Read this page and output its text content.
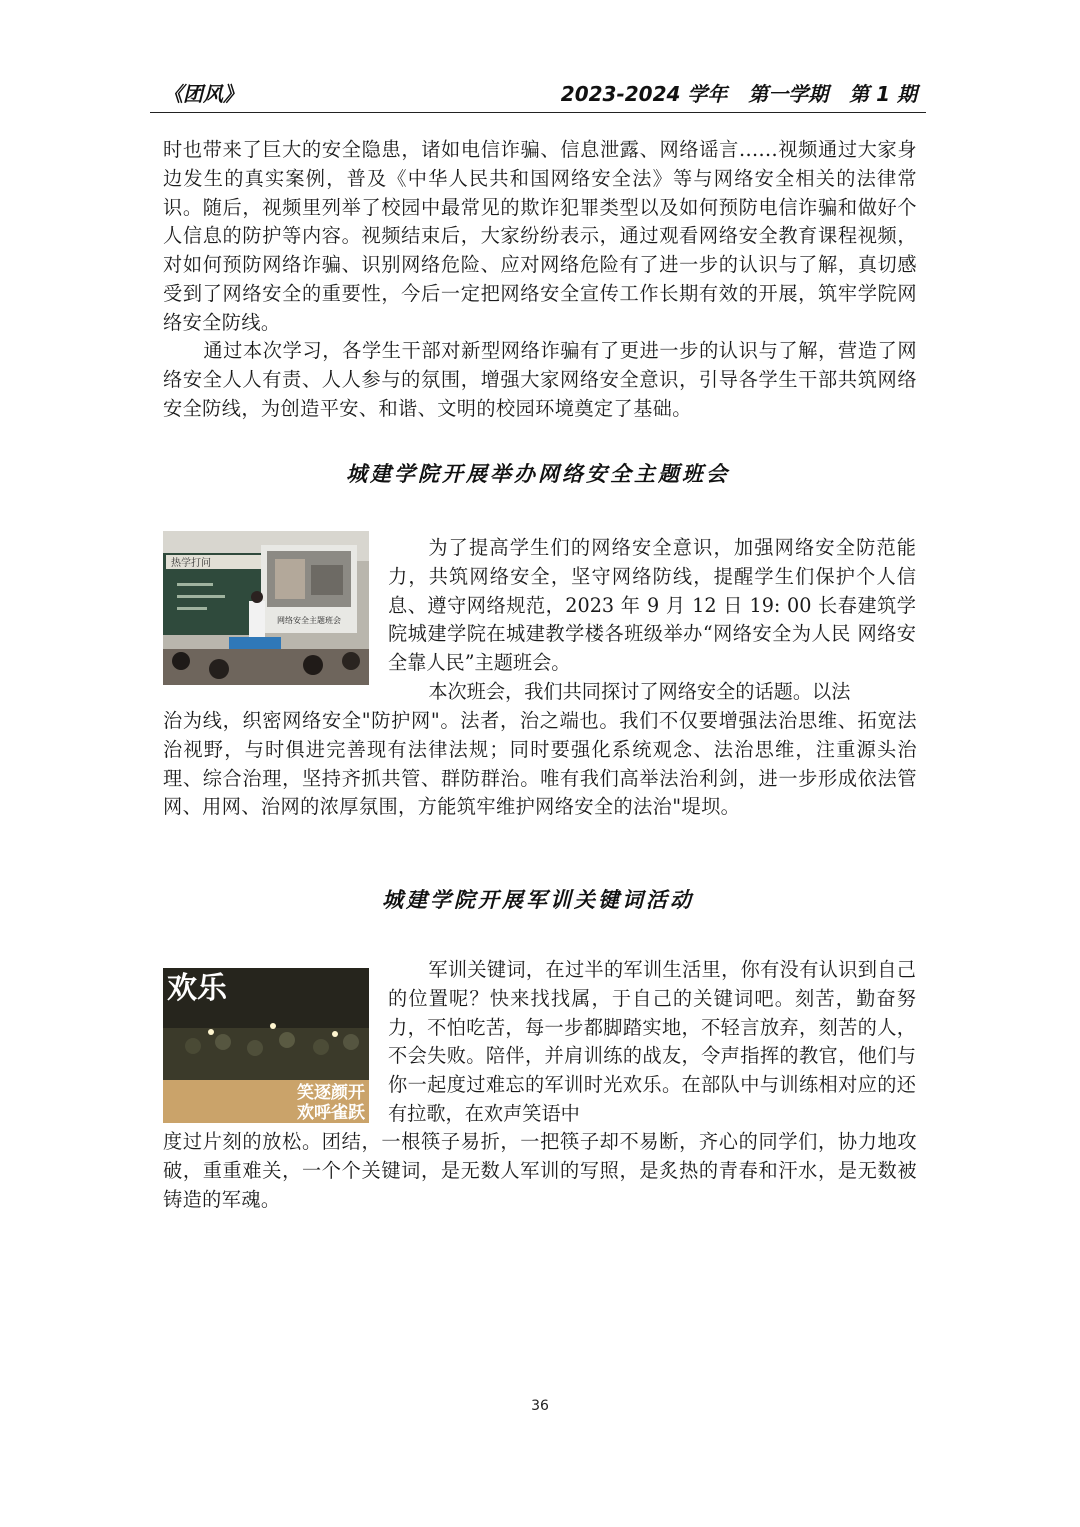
《团风》	2023-2024 学年   第一学期   第 1 期

时也带来了巨大的安全隐患，诸如电信诈骗、信息泄露、网络谣言......视频通过大家身边发生的真实案例，普及《中华人民共和国网络安全法》等与网络安全相关的法律常识。随后，视频里列举了校园中最常见的欺诈犯罪类型以及如何预防电信诈骗和做好个人信息的防护等内容。视频结束后，大家纷纷表示，通过观看网络安全教育课程视频，对如何预防网络诈骗、识别网络危险、应对网络危险有了进一步的认识与了解，真切感受到了网络安全的重要性，今后一定把网络安全宣传工作长期有效的开展，筑牢学院网络安全防线。

通过本次学习，各学生干部对新型网络诈骗有了更进一步的认识与了解，营造了网络安全人人有责、人人参与的氛围，增强大家网络安全意识，引导各学生干部共筑网络安全防线，为创造平安、和谐、文明的校园环境奠定了基础。

城建学院开展举办网络安全主题班会
热学打问
网络安全主题班会

为了提高学生们的网络安全意识，加强网络安全防范能力，共筑网络安全，坚守网络防线，提醒学生们保护个人信息、遵守网络规范，2023 年 9 月 12 日 19: 00 长春建筑学院城建学院在城建教学楼各班级举办“网络安全为人民 网络安全靠人民”主题班会。

本次班会，我们共同探讨了网络安全的话题。以法

治为线，织密网络安全"防护网"。法者，治之端也。我们不仅要增强法治思维、拓宽法治视野，与时俱进完善现有法律法规；同时要强化系统观念、法治思维，注重源头治理、综合治理，坚持齐抓共管、群防群治。唯有我们高举法治利剑，进一步形成依法管网、用网、治网的浓厚氛围，方能筑牢维护网络安全的法治"堤坝。

城建学院开展军训关键词活动
欢乐
笑逐颜开
欢呼雀跃

军训关键词，在过半的军训生活里，你有没有认识到自己的位置呢？快来找找属，于自己的关键词吧。刻苦，勤奋努力，不怕吃苦，每一步都脚踏实地，不轻言放弃，刻苦的人，不会失败。陪伴，并肩训练的战友，令声指挥的教官，他们与你一起度过难忘的军训时光欢乐。在部队中与训练相对应的还有拉歌，在欢声笑语中

度过片刻的放松。团结，一根筷子易折，一把筷子却不易断，齐心的同学们，协力地攻破，重重难关，一个个关键词，是无数人军训的写照，是炙热的青春和汗水，是无数被铸造的军魂。

36
